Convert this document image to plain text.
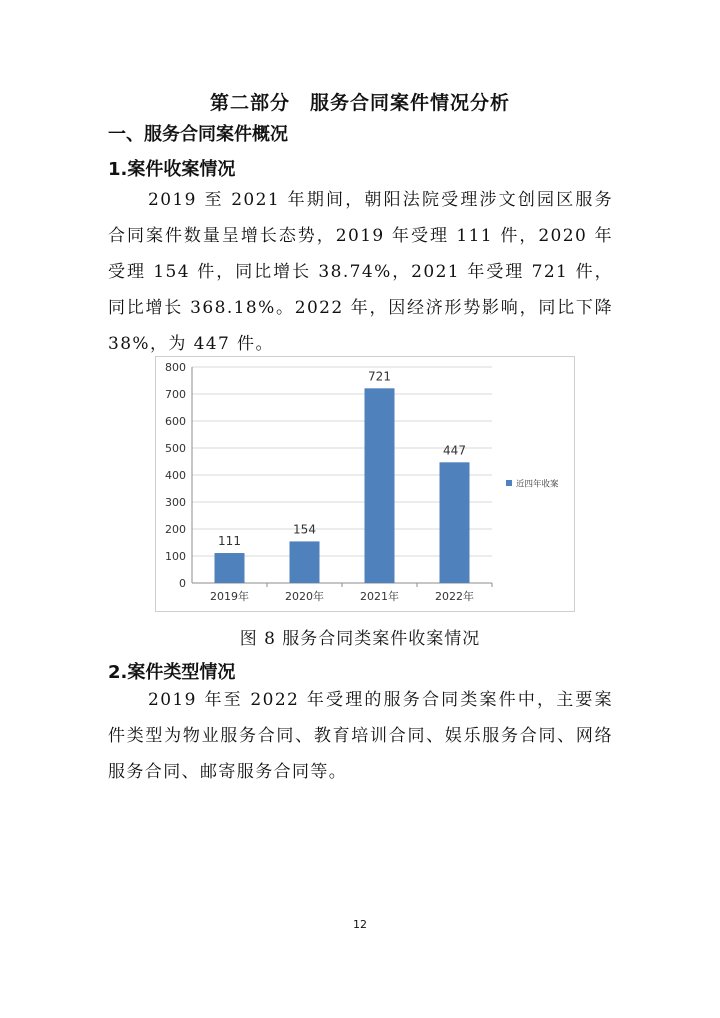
第二部分　服务合同案件情况分析
一、服务合同案件概况
1.案件收案情况

2019 至 2021 年期间，朝阳法院受理涉文创园区服务合同案件数量呈增长态势，2019 年受理 111 件，2020 年受理 154 件，同比增长 38.74%，2021 年受理 721 件，同比增长 368.18%。2022 年，因经济形势影响，同比下降 38%，为 447 件。

0
100
200
300
400
500
600
700
800
111
2019年
154
2020年
721
2021年
447
2022年
近四年收案
图 8 服务合同类案件收案情况
2.案件类型情况

2019 年至 2022 年受理的服务合同类案件中，主要案件类型为物业服务合同、教育培训合同、娱乐服务合同、网络服务合同、邮寄服务合同等。

12
